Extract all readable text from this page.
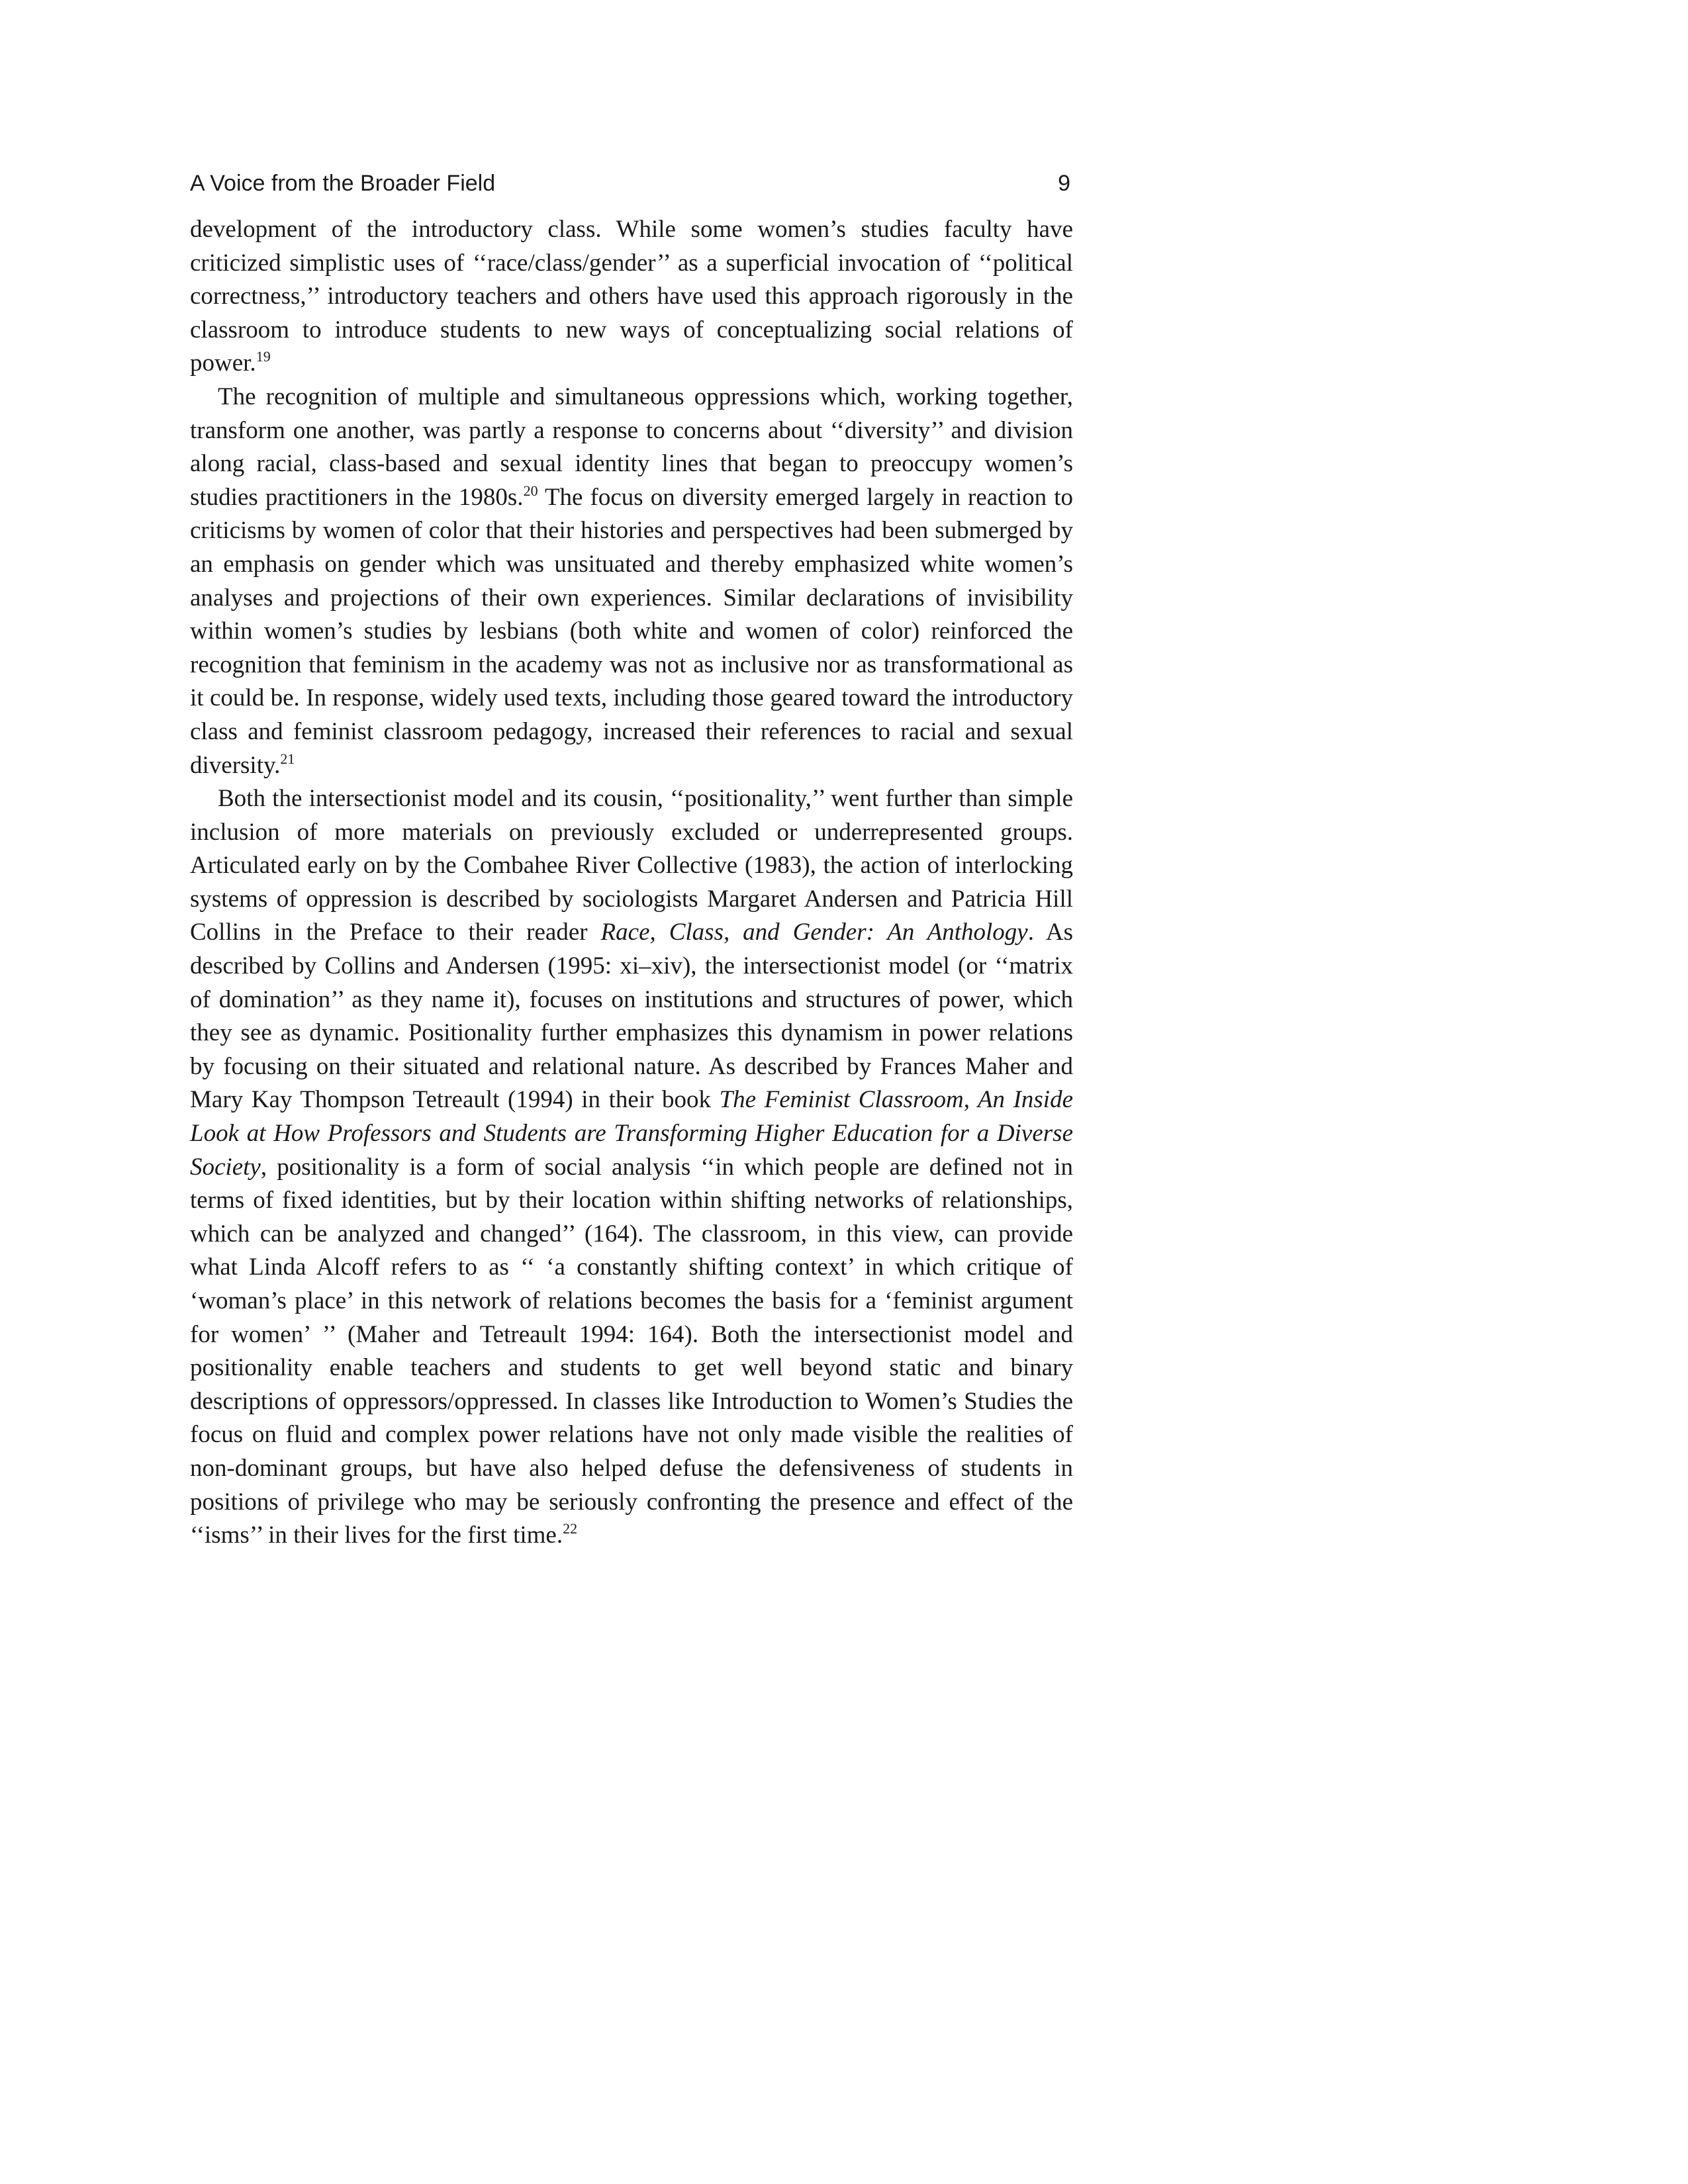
A Voice from the Broader Field	9

development of the introductory class. While some women’s studies faculty have criticized simplistic uses of ‘‘race/class/gender’’ as a superficial invocation of ‘‘political correctness,’’ introductory teachers and others have used this approach rigorously in the classroom to introduce students to new ways of conceptualizing social relations of power.$^{19}$

The recognition of multiple and simultaneous oppressions which, working together, transform one another, was partly a response to concerns about ‘‘diversity’’ and division along racial, class-based and sexual identity lines that began to preoccupy women’s studies practitioners in the 1980s.$^{20}$ The focus on diversity emerged largely in reaction to criticisms by women of color that their histories and perspectives had been submerged by an emphasis on gender which was unsituated and thereby emphasized white women’s analyses and projections of their own experiences. Similar declarations of invisibility within women’s studies by lesbians (both white and women of color) reinforced the recognition that feminism in the academy was not as inclusive nor as transformational as it could be. In response, widely used texts, including those geared toward the introductory class and feminist classroom pedagogy, increased their references to racial and sexual diversity.$^{21}$

Both the intersectionist model and its cousin, ‘‘positionality,’’ went further than simple inclusion of more materials on previously excluded or underrepresented groups. Articulated early on by the Combahee River Collective (1983), the action of interlocking systems of oppression is described by sociologists Margaret Andersen and Patricia Hill Collins in the Preface to their reader Race, Class, and Gender: An Anthology. As described by Collins and Andersen (1995: xi–xiv), the intersectionist model (or ‘‘matrix of domination’’ as they name it), focuses on institutions and structures of power, which they see as dynamic. Positionality further emphasizes this dynamism in power relations by focusing on their situated and relational nature. As described by Frances Maher and Mary Kay Thompson Tetreault (1994) in their book The Feminist Classroom, An Inside Look at How Professors and Students are Transforming Higher Education for a Diverse Society, positionality is a form of social analysis ‘‘in which people are defined not in terms of fixed identities, but by their location within shifting networks of relationships, which can be analyzed and changed’’ (164). The classroom, in this view, can provide what Linda Alcoff refers to as ‘‘ ‘a constantly shifting context’ in which critique of ‘woman’s place’ in this network of relations becomes the basis for a ‘feminist argument for women’ ’’ (Maher and Tetreault 1994: 164). Both the intersectionist model and positionality enable teachers and students to get well beyond static and binary descriptions of oppressors/oppressed. In classes like Introduction to Women’s Studies the focus on fluid and complex power relations have not only made visible the realities of non-dominant groups, but have also helped defuse the defensiveness of students in positions of privilege who may be seriously confronting the presence and effect of the ‘‘isms’’ in their lives for the first time.$^{22}$
